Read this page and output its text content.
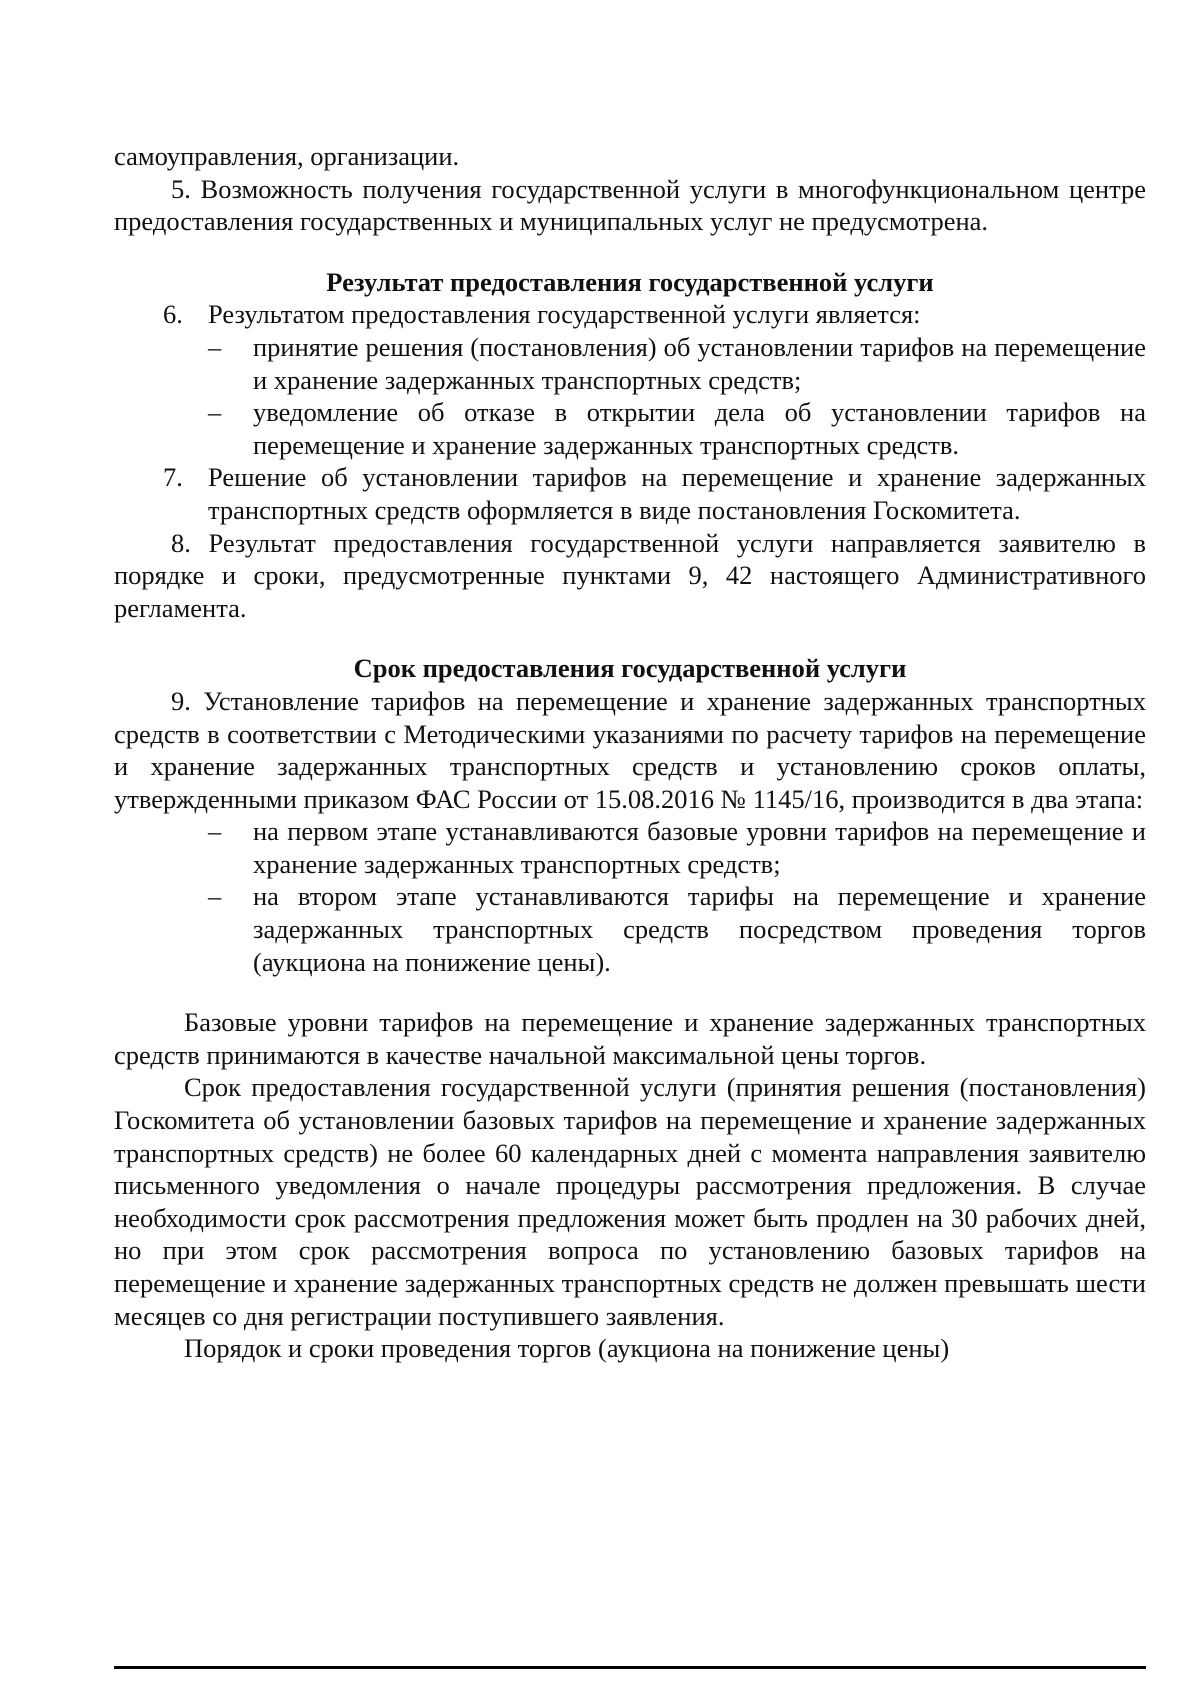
самоуправления, организации.

5. Возможность получения государственной услуги в многофункциональном центре предоставления государственных и муниципальных услуг не предусмотрена.

Результат предоставления государственной услуги

6. Результатом предоставления государственной услуги является:
–	принятие решения (постановления) об установлении тарифов на перемещение и хранение задержанных транспортных средств;
–	уведомление об отказе в открытии дела об установлении тарифов на перемещение и хранение задержанных транспортных средств.
7. Решение об установлении тарифов на перемещение и хранение задержанных транспортных средств оформляется в виде постановления Госкомитета.

8. Результат предоставления государственной услуги направляется заявителю в порядке и сроки, предусмотренные пунктами 9, 42 настоящего Административного регламента.

Срок предоставления государственной услуги

9. Установление тарифов на перемещение и хранение задержанных транспортных средств в соответствии с Методическими указаниями по расчету тарифов на перемещение и хранение задержанных транспортных средств и установлению сроков оплаты, утвержденными приказом ФАС России от 15.08.2016 № 1145/16, производится в два этапа:

–	на первом этапе устанавливаются базовые уровни тарифов на перемещение и хранение задержанных транспортных средств;
–	на втором этапе устанавливаются тарифы на перемещение и хранение задержанных транспортных средств посредством проведения торгов (аукциона на понижение цены).

Базовые уровни тарифов на перемещение и хранение задержанных транспортных средств принимаются в качестве начальной максимальной цены торгов.

Срок предоставления государственной услуги (принятия решения (постановления) Госкомитета об установлении базовых тарифов на перемещение и хранение задержанных транспортных средств) не более 60 календарных дней с момента направления заявителю письменного уведомления о начале процедуры рассмотрения предложения. В случае необходимости срок рассмотрения предложения может быть продлен на 30 рабочих дней, но при этом срок рассмотрения вопроса по установлению базовых тарифов на перемещение и хранение задержанных транспортных средств не должен превышать шести месяцев со дня регистрации поступившего заявления.

Порядок и сроки проведения торгов (аукциона на понижение цены)
